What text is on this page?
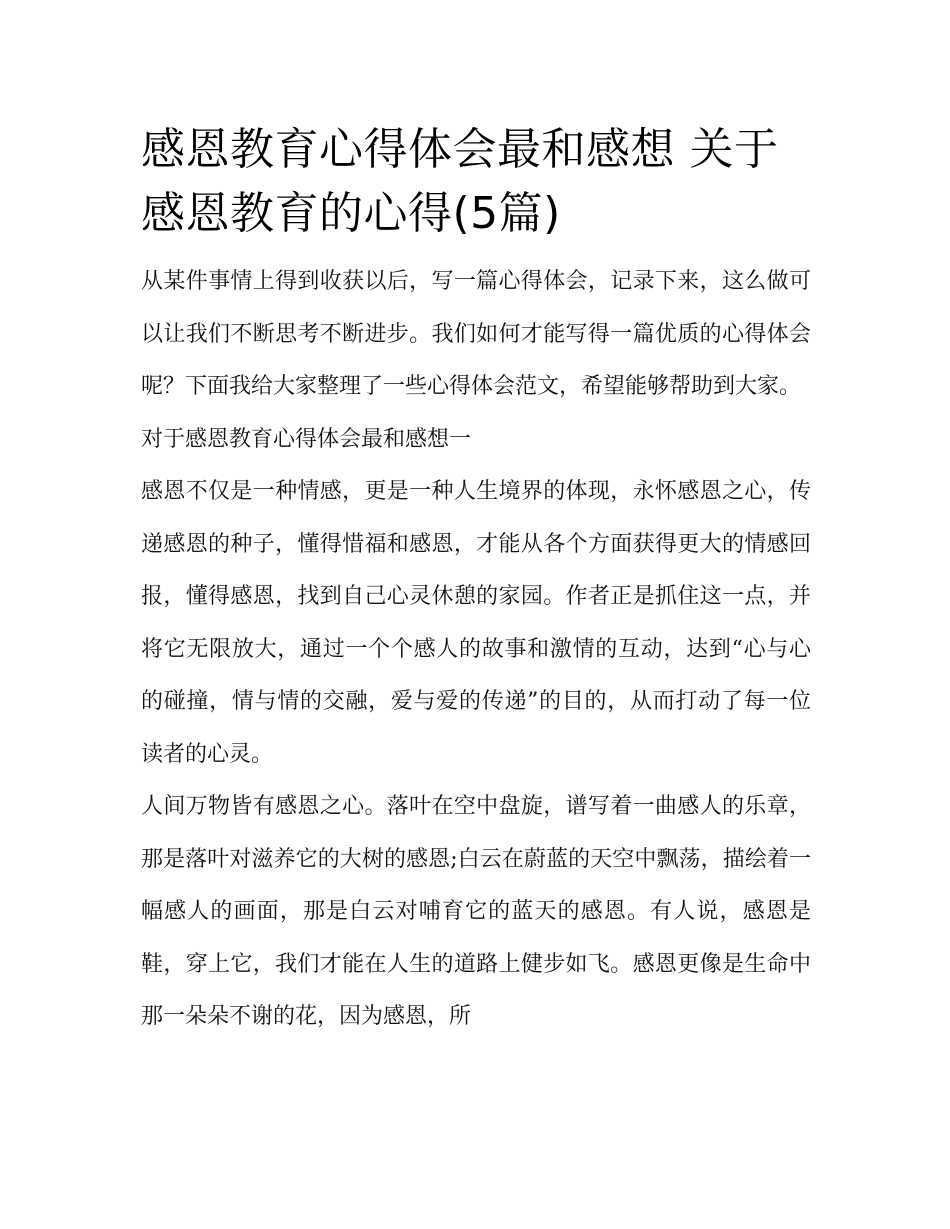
感恩教育心得体会最和感想 关于感恩教育的心得(5篇)

从某件事情上得到收获以后，写一篇心得体会，记录下来，这么做可以让我们不断思考不断进步。我们如何才能写得一篇优质的心得体会呢？下面我给大家整理了一些心得体会范文，希望能够帮助到大家。

对于感恩教育心得体会最和感想一

感恩不仅是一种情感，更是一种人生境界的体现，永怀感恩之心，传递感恩的种子，懂得惜福和感恩，才能从各个方面获得更大的情感回报，懂得感恩，找到自己心灵休憩的家园。作者正是抓住这一点，并将它无限放大，通过一个个感人的故事和激情的互动，达到“心与心的碰撞，情与情的交融，爱与爱的传递”的目的，从而打动了每一位读者的心灵。

人间万物皆有感恩之心。落叶在空中盘旋，谱写着一曲感人的乐章，那是落叶对滋养它的大树的感恩;白云在蔚蓝的天空中飘荡，描绘着一幅感人的画面，那是白云对哺育它的蓝天的感恩。有人说，感恩是鞋，穿上它，我们才能在人生的道路上健步如飞。感恩更像是生命中那一朵朵不谢的花，因为感恩，所
